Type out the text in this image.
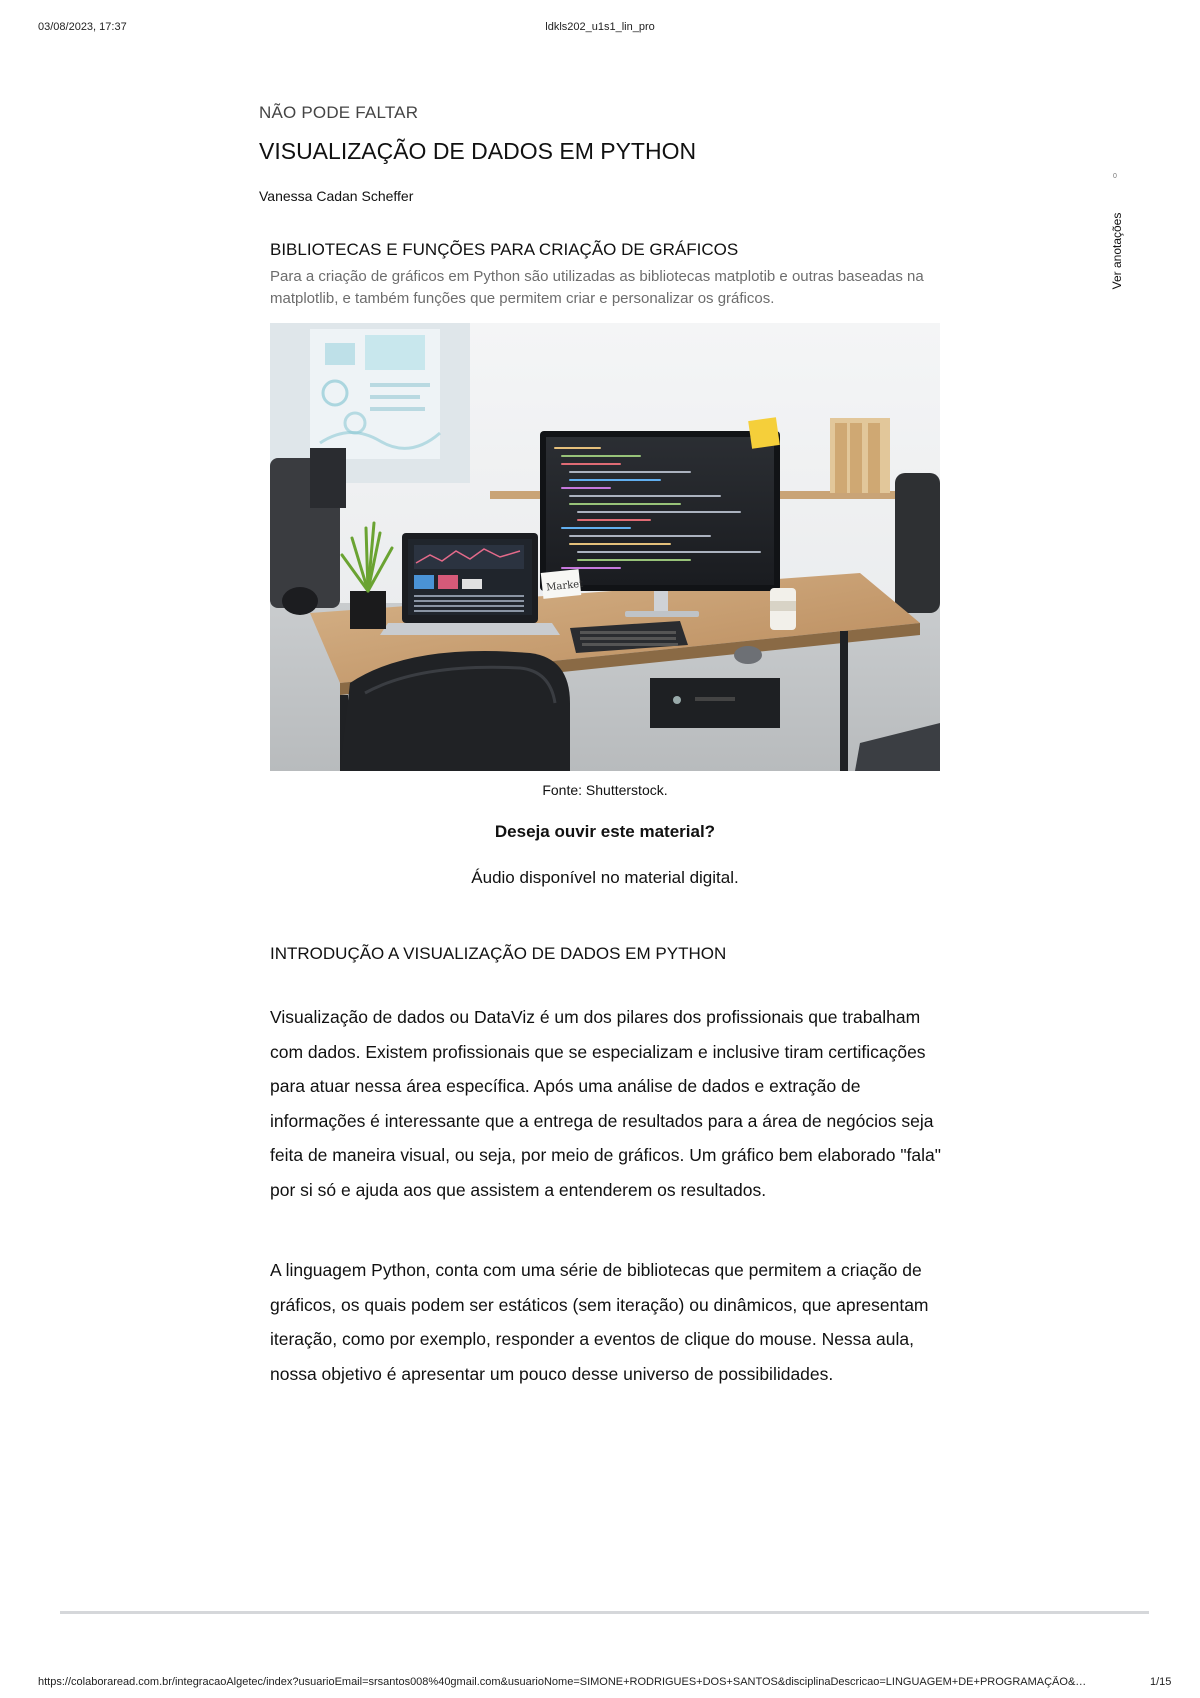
03/08/2023, 17:37	ldkls202_u1s1_lin_pro
NÃO PODE FALTAR
VISUALIZAÇÃO DE DADOS EM PYTHON
Vanessa Cadan Scheffer
0
Ver anotações
BIBLIOTECAS E FUNÇÕES PARA CRIAÇÃO DE GRÁFICOS
Para a criação de gráficos em Python são utilizadas as bibliotecas matplotib e outras baseadas na matplotlib, e também funções que permitem criar e personalizar os gráficos.
Market
Fonte: Shutterstock.
Deseja ouvir este material?
Áudio disponível no material digital.
INTRODUÇÃO A VISUALIZAÇÃO DE DADOS EM PYTHON

Visualização de dados ou DataViz é um dos pilares dos profissionais que trabalham com dados. Existem profissionais que se especializam e inclusive tiram certificações para atuar nessa área específica. Após uma análise de dados e extração de informações é interessante que a entrega de resultados para a área de negócios seja feita de maneira visual, ou seja, por meio de gráficos. Um gráfico bem elaborado "fala" por si só e ajuda aos que assistem a entenderem os resultados.

A linguagem Python, conta com uma série de bibliotecas que permitem a criação de gráficos, os quais podem ser estáticos (sem iteração) ou dinâmicos, que apresentam iteração, como por exemplo, responder a eventos de clique do mouse. Nessa aula, nossa objetivo é apresentar um pouco desse universo de possibilidades.

https://colaboraread.com.br/integracaoAlgetec/index?usuarioEmail=srsantos008%40gmail.com&usuarioNome=SIMONE+RODRIGUES+DOS+SANTOS&disciplinaDescricao=LINGUAGEM+DE+PROGRAMAÇÃO&…	1/15
